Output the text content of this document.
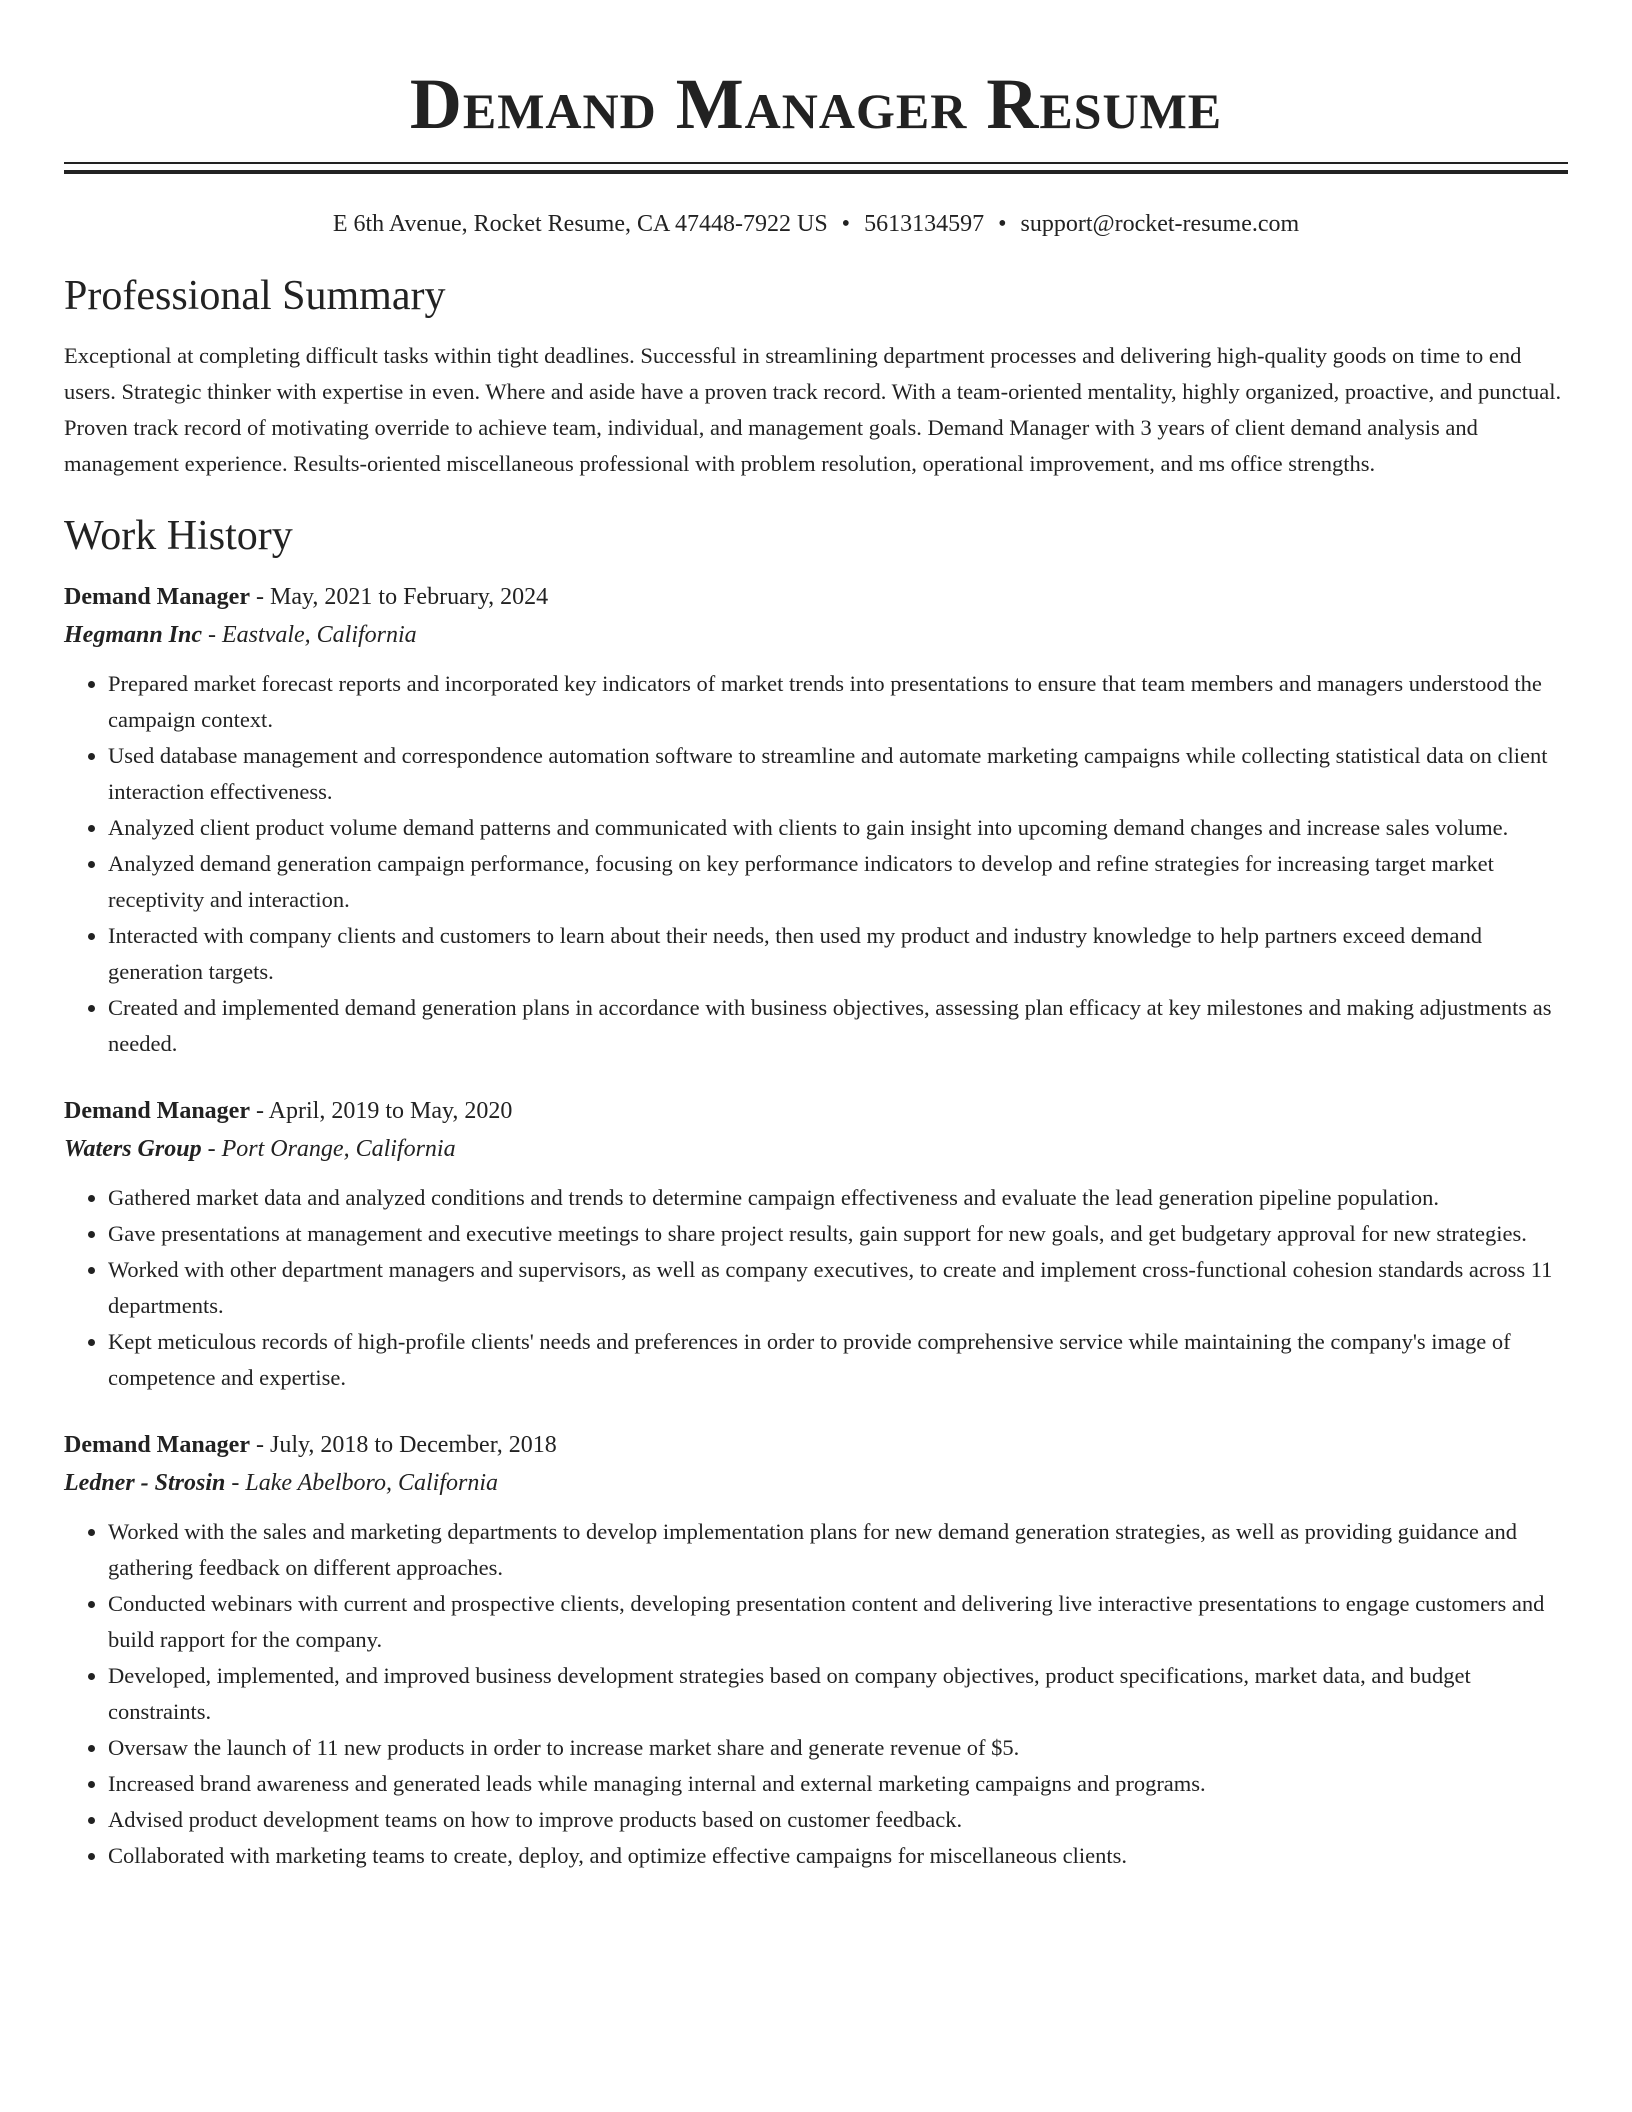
Demand Manager Resume
E 6th Avenue, Rocket Resume, CA 47448-7922 US • 5613134597 • support@rocket-resume.com
Professional Summary

Exceptional at completing difficult tasks within tight deadlines. Successful in streamlining department processes and delivering high-quality goods on time to end users. Strategic thinker with expertise in even. Where and aside have a proven track record. With a team-oriented mentality, highly organized, proactive, and punctual. Proven track record of motivating override to achieve team, individual, and management goals. Demand Manager with 3 years of client demand analysis and management experience. Results-oriented miscellaneous professional with problem resolution, operational improvement, and ms office strengths.

Work History
Demand Manager - May, 2021 to February, 2024
Hegmann Inc - Eastvale, California
• Prepared market forecast reports and incorporated key indicators of market trends into presentations to ensure that team members and managers understood the campaign context.
• Used database management and correspondence automation software to streamline and automate marketing campaigns while collecting statistical data on client interaction effectiveness.
• Analyzed client product volume demand patterns and communicated with clients to gain insight into upcoming demand changes and increase sales volume.
• Analyzed demand generation campaign performance, focusing on key performance indicators to develop and refine strategies for increasing target market receptivity and interaction.
• Interacted with company clients and customers to learn about their needs, then used my product and industry knowledge to help partners exceed demand generation targets.
• Created and implemented demand generation plans in accordance with business objectives, assessing plan efficacy at key milestones and making adjustments as needed.
Demand Manager - April, 2019 to May, 2020
Waters Group - Port Orange, California
• Gathered market data and analyzed conditions and trends to determine campaign effectiveness and evaluate the lead generation pipeline population.
• Gave presentations at management and executive meetings to share project results, gain support for new goals, and get budgetary approval for new strategies.
• Worked with other department managers and supervisors, as well as company executives, to create and implement cross-functional cohesion standards across 11 departments.
• Kept meticulous records of high-profile clients' needs and preferences in order to provide comprehensive service while maintaining the company's image of competence and expertise.
Demand Manager - July, 2018 to December, 2018
Ledner - Strosin - Lake Abelboro, California
• Worked with the sales and marketing departments to develop implementation plans for new demand generation strategies, as well as providing guidance and gathering feedback on different approaches.
• Conducted webinars with current and prospective clients, developing presentation content and delivering live interactive presentations to engage customers and build rapport for the company.
• Developed, implemented, and improved business development strategies based on company objectives, product specifications, market data, and budget constraints.
• Oversaw the launch of 11 new products in order to increase market share and generate revenue of $5.
• Increased brand awareness and generated leads while managing internal and external marketing campaigns and programs.
• Advised product development teams on how to improve products based on customer feedback.
• Collaborated with marketing teams to create, deploy, and optimize effective campaigns for miscellaneous clients.
